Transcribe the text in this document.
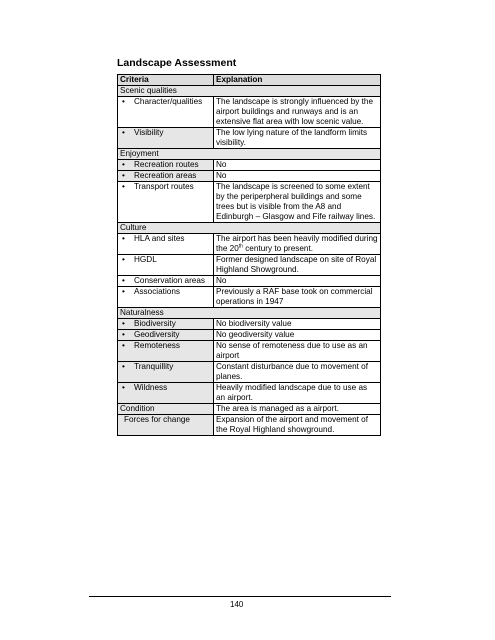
Landscape Assessment
Criteria	Explanation
Scenic qualities	

• Character/qualities	The landscape is strongly influenced by the airport buildings and runways and is an extensive flat area with low scenic value.

• Visibility	The low lying nature of the landform limits visibility.
Enjoyment	

• Recreation routes	No

• Recreation areas	No

• Transport routes	The landscape is screened to some extent by the periperpheral buildings and some trees but is visible from the A8 and Edinburgh – Glasgow and Fife railway lines.
Culture	

• HLA and sites	The airport has been heavily modified during the 20th century to present.

• HGDL	Former designed landscape on site of Royal Highland Showground.

• Conservation areas	No

• Associations	Previously a RAF base took on commercial operations in 1947
Naturalness	

• Biodiversity	No biodiversity value

• Geodiversity	No geodiversity value

• Remoteness	No sense of remoteness due to use as an airport

• Tranquillity	Constant disturbance due to movement of planes.

• Wildness	Heavily modified landscape due to use as an airport.
Condition	The area is managed as a airport.
Forces for change	Expansion of the airport and movement of the Royal Highland showground.
140
